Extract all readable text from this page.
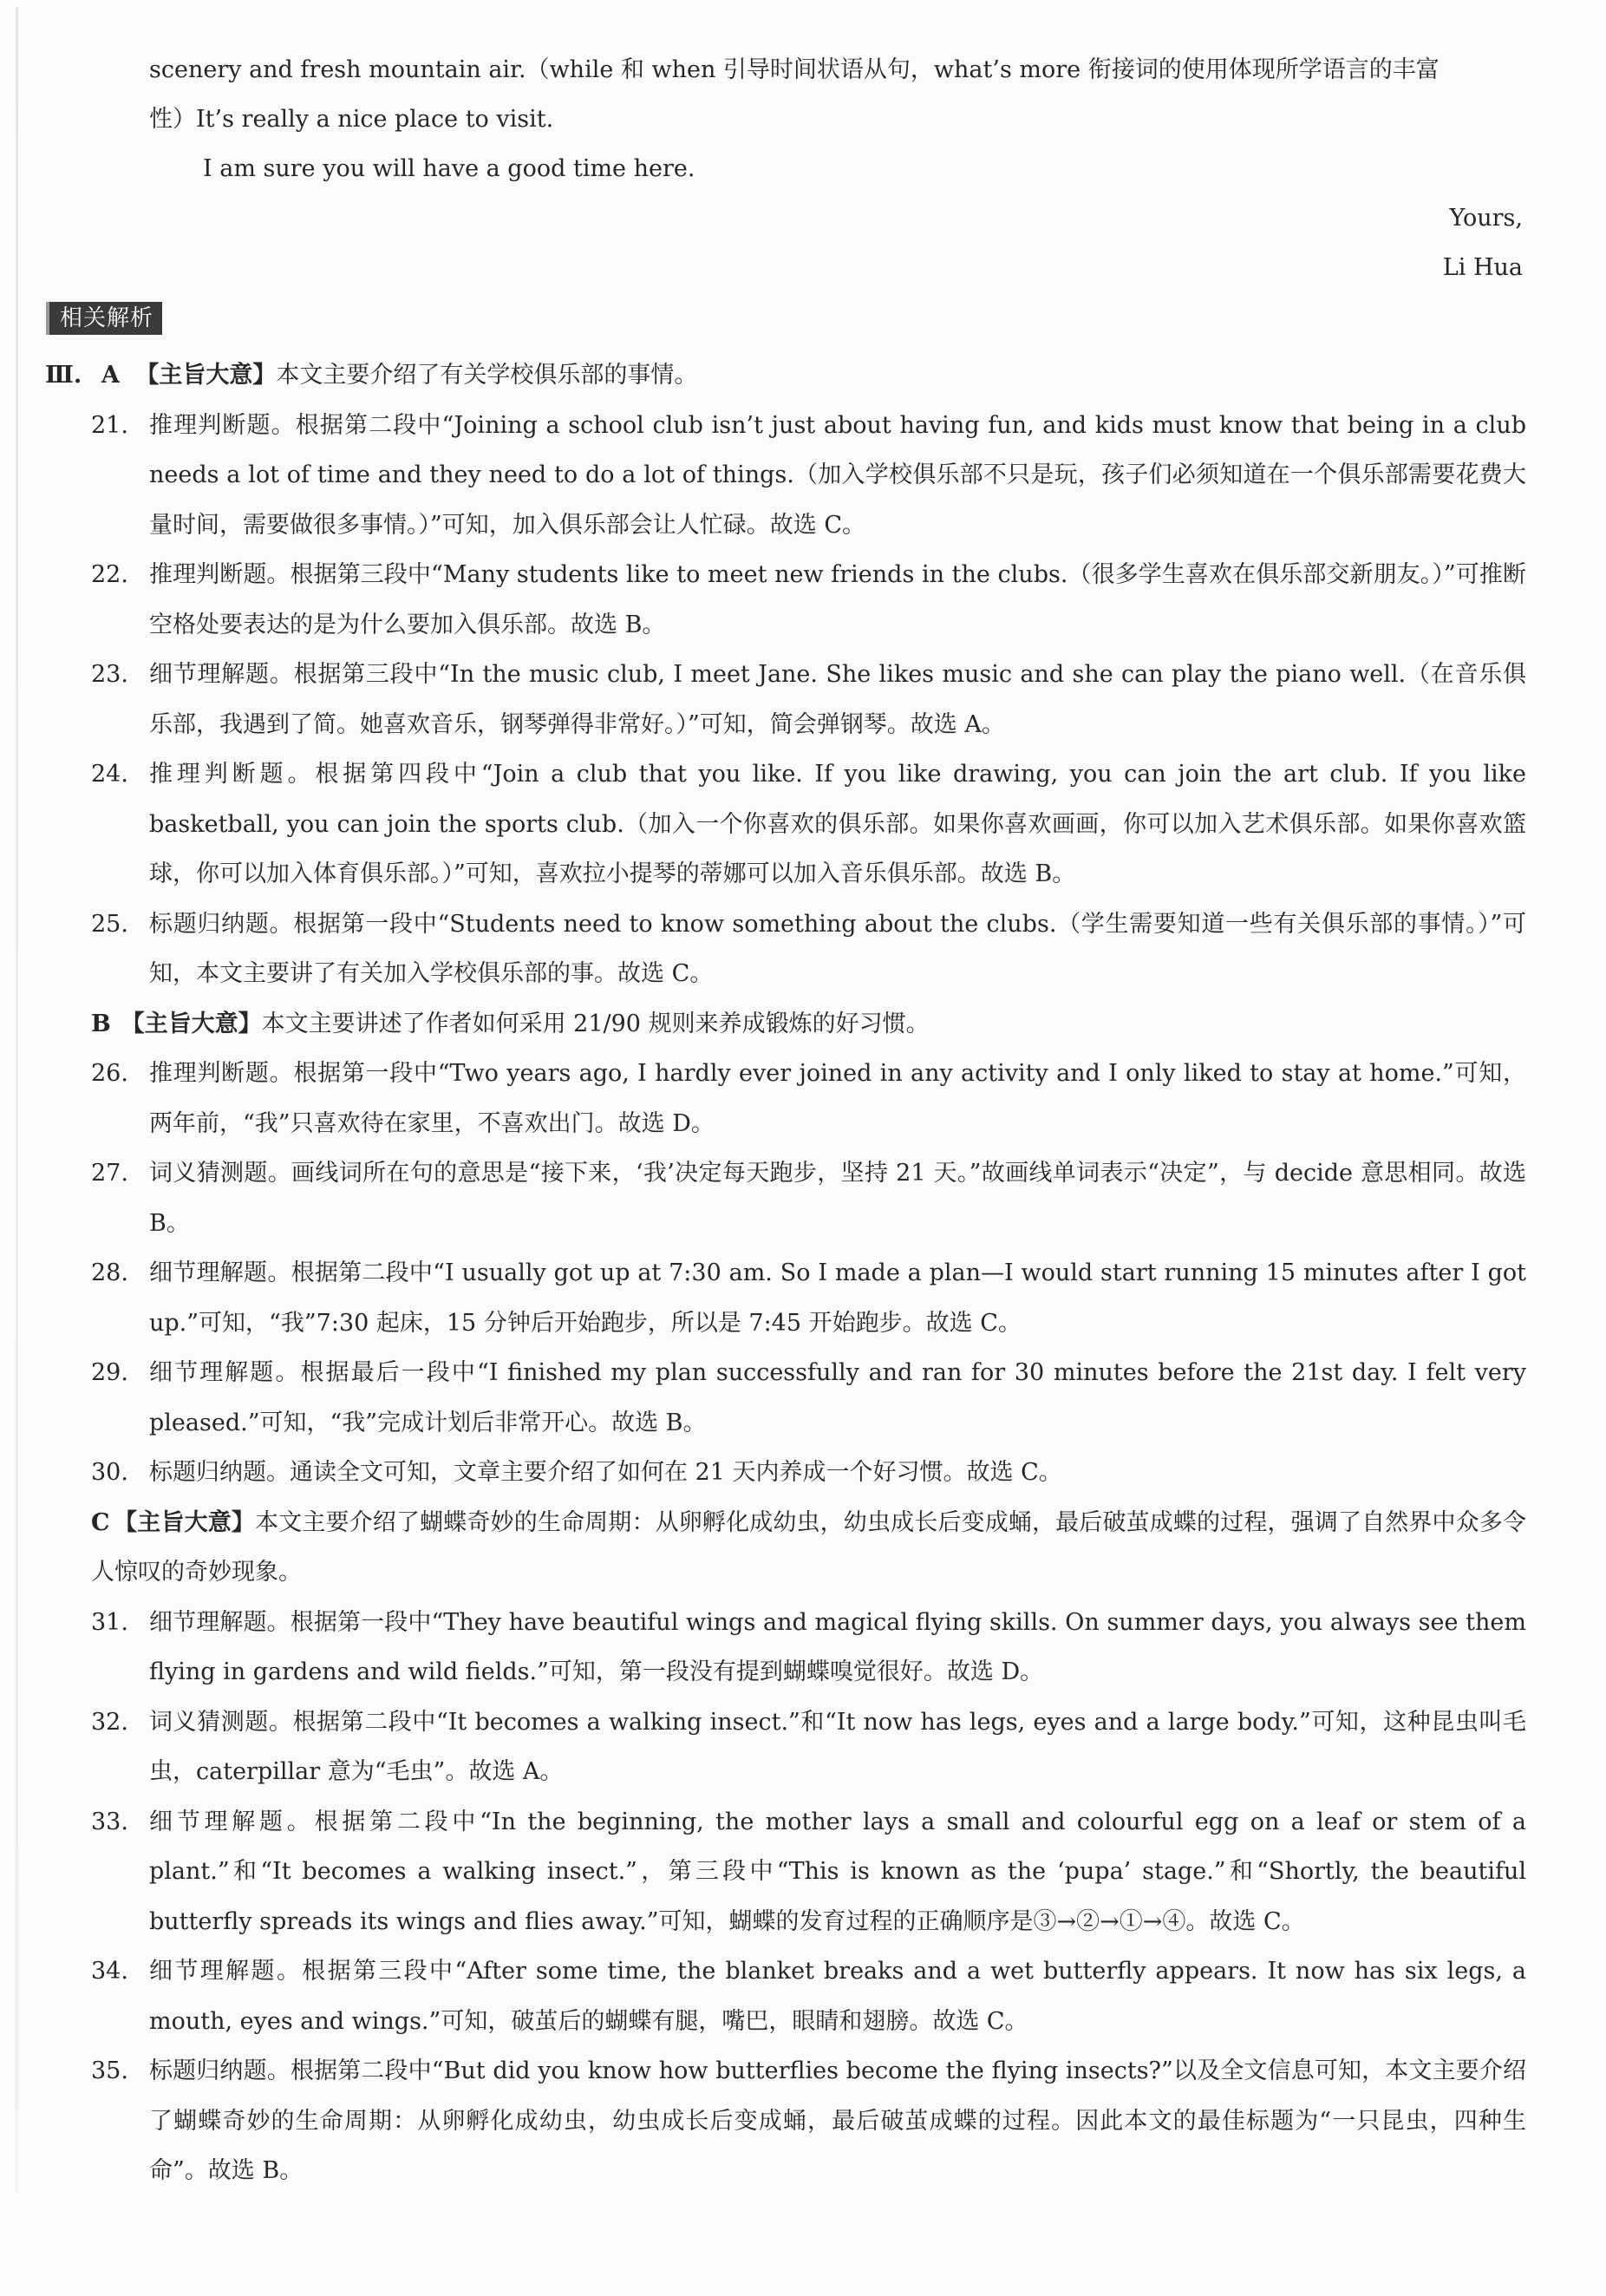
scenery and fresh mountain air.（while 和 when 引导时间状语从句，what’s more 衔接词的使用体现所学语言的丰富
性）It’s really a nice place to visit.
I am sure you will have a good time here.
Yours,
Li Hua
相关解析
Ⅲ. A 【主旨大意】本文主要介绍了有关学校俱乐部的事情。
21. 推理判断题。根据第二段中“Joining a school club isn’t just about having fun, and kids must know that being in a club needs a lot of time and they need to do a lot of things.（加入学校俱乐部不只是玩，孩子们必须知道在一个俱乐部需要花费大量时间，需要做很多事情。）”可知，加入俱乐部会让人忙碌。故选 C。
22. 推理判断题。根据第三段中“Many students like to meet new friends in the clubs.（很多学生喜欢在俱乐部交新朋友。）”可推断空格处要表达的是为什么要加入俱乐部。故选 B。
23. 细节理解题。根据第三段中“In the music club, I meet Jane. She likes music and she can play the piano well.（在音乐俱乐部，我遇到了简。她喜欢音乐，钢琴弹得非常好。）”可知，简会弹钢琴。故选 A。
24. 推理判断题。根据第四段中“Join a club that you like. If you like drawing, you can join the art club. If you like basketball, you can join the sports club.（加入一个你喜欢的俱乐部。如果你喜欢画画，你可以加入艺术俱乐部。如果你喜欢篮球，你可以加入体育俱乐部。）”可知，喜欢拉小提琴的蒂娜可以加入音乐俱乐部。故选 B。
25. 标题归纳题。根据第一段中“Students need to know something about the clubs.（学生需要知道一些有关俱乐部的事情。）”可知，本文主要讲了有关加入学校俱乐部的事。故选 C。
B 【主旨大意】本文主要讲述了作者如何采用 21/90 规则来养成锻炼的好习惯。
26. 推理判断题。根据第一段中“Two years ago, I hardly ever joined in any activity and I only liked to stay at home.”可知，两年前，“我”只喜欢待在家里，不喜欢出门。故选 D。
27. 词义猜测题。画线词所在句的意思是“接下来，‘我’决定每天跑步，坚持 21 天。”故画线单词表示“决定”，与 decide 意思相同。故选 B。
28. 细节理解题。根据第二段中“I usually got up at 7:30 am. So I made a plan—I would start running 15 minutes after I got up.”可知，“我”7:30 起床，15 分钟后开始跑步，所以是 7:45 开始跑步。故选 C。
29. 细节理解题。根据最后一段中“I finished my plan successfully and ran for 30 minutes before the 21st day. I felt very pleased.”可知，“我”完成计划后非常开心。故选 B。
30. 标题归纳题。通读全文可知，文章主要介绍了如何在 21 天内养成一个好习惯。故选 C。
C 【主旨大意】本文主要介绍了蝴蝶奇妙的生命周期：从卵孵化成幼虫，幼虫成长后变成蛹，最后破茧成蝶的过程，强调了自然界中众多令人惊叹的奇妙现象。
31. 细节理解题。根据第一段中“They have beautiful wings and magical flying skills. On summer days, you always see them flying in gardens and wild fields.”可知，第一段没有提到蝴蝶嗅觉很好。故选 D。
32. 词义猜测题。根据第二段中“It becomes a walking insect.”和“It now has legs, eyes and a large body.”可知，这种昆虫叫毛虫，caterpillar 意为“毛虫”。故选 A。
33. 细节理解题。根据第二段中“In the beginning, the mother lays a small and colourful egg on a leaf or stem of a plant.”和“It becomes a walking insect.”，第三段中“This is known as the ‘pupa’ stage.”和“Shortly, the beautiful butterfly spreads its wings and flies away.”可知，蝴蝶的发育过程的正确顺序是③→②→①→④。故选 C。
34. 细节理解题。根据第三段中“After some time, the blanket breaks and a wet butterfly appears. It now has six legs, a mouth, eyes and wings.”可知，破茧后的蝴蝶有腿，嘴巴，眼睛和翅膀。故选 C。
35. 标题归纳题。根据第二段中“But did you know how butterflies become the flying insects?”以及全文信息可知，本文主要介绍了蝴蝶奇妙的生命周期：从卵孵化成幼虫，幼虫成长后变成蛹，最后破茧成蝶的过程。因此本文的最佳标题为“一只昆虫，四种生命”。故选 B。
